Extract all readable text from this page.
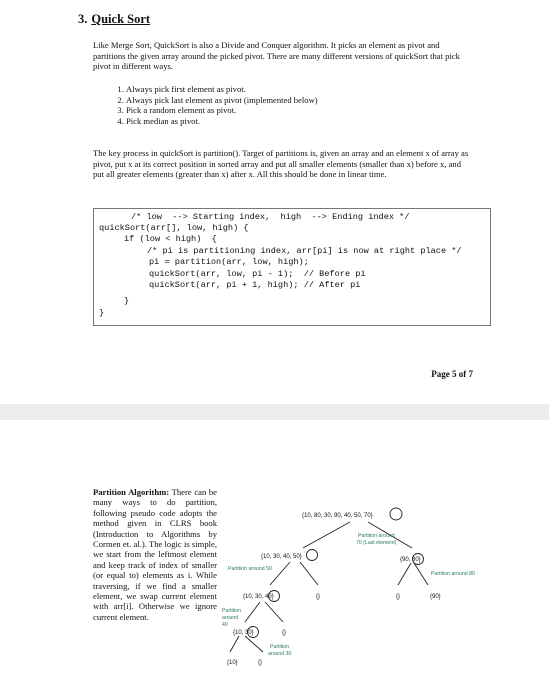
3. Quick Sort
Like Merge Sort, QuickSort is also a Divide and Conquer algorithm. It picks an element as pivot and partitions the given array around the picked pivot. There are many different versions of quickSort that pick pivot in different ways.
1. Always pick first element as pivot.
2. Always pick last element as pivot (implemented below)
3. Pick a random element as pivot.
4. Pick median as pivot.
The key process in quickSort is partition(). Target of partitions is, given an array and an element x of array as pivot, put x at its correct position in sorted array and put all smaller elements (smaller than x) before x, and put all greater elements (greater than x) after x. All this should be done in linear time.
/* low  --> Starting index,  high  --> Ending index */
quickSort(arr[], low, high) {
if (low < high)  {
/* pi is partitioning index, arr[pi] is now at right place */
pi = partition(arr, low, high);
quickSort(arr, low, pi - 1);  // Before pi
quickSort(arr, pi + 1, high); // After pi
}
}
Page 5 of 7
Partition Algorithm: There can be many ways to do partition, following pseudo code adopts the method given in CLRS book (Introduction to Algorithms by Cormen et. al.). The logic is simple, we start from the leftmost element and keep track of index of smaller (or equal to) elements as i. While traversing, if we find a smaller element, we swap current element with arr[i]. Otherwise we ignore current element.
{10, 80, 30, 90, 40, 50, 70}
Partition around
70 (Last element)
{10, 30, 40, 50}
Partition around 50
{90, 80}
Partition around 80
{10, 30, 40}	{}	{}	{90}
Partition
around
40
{10, 30}	{}
Partition
around 30
{10}	{}
